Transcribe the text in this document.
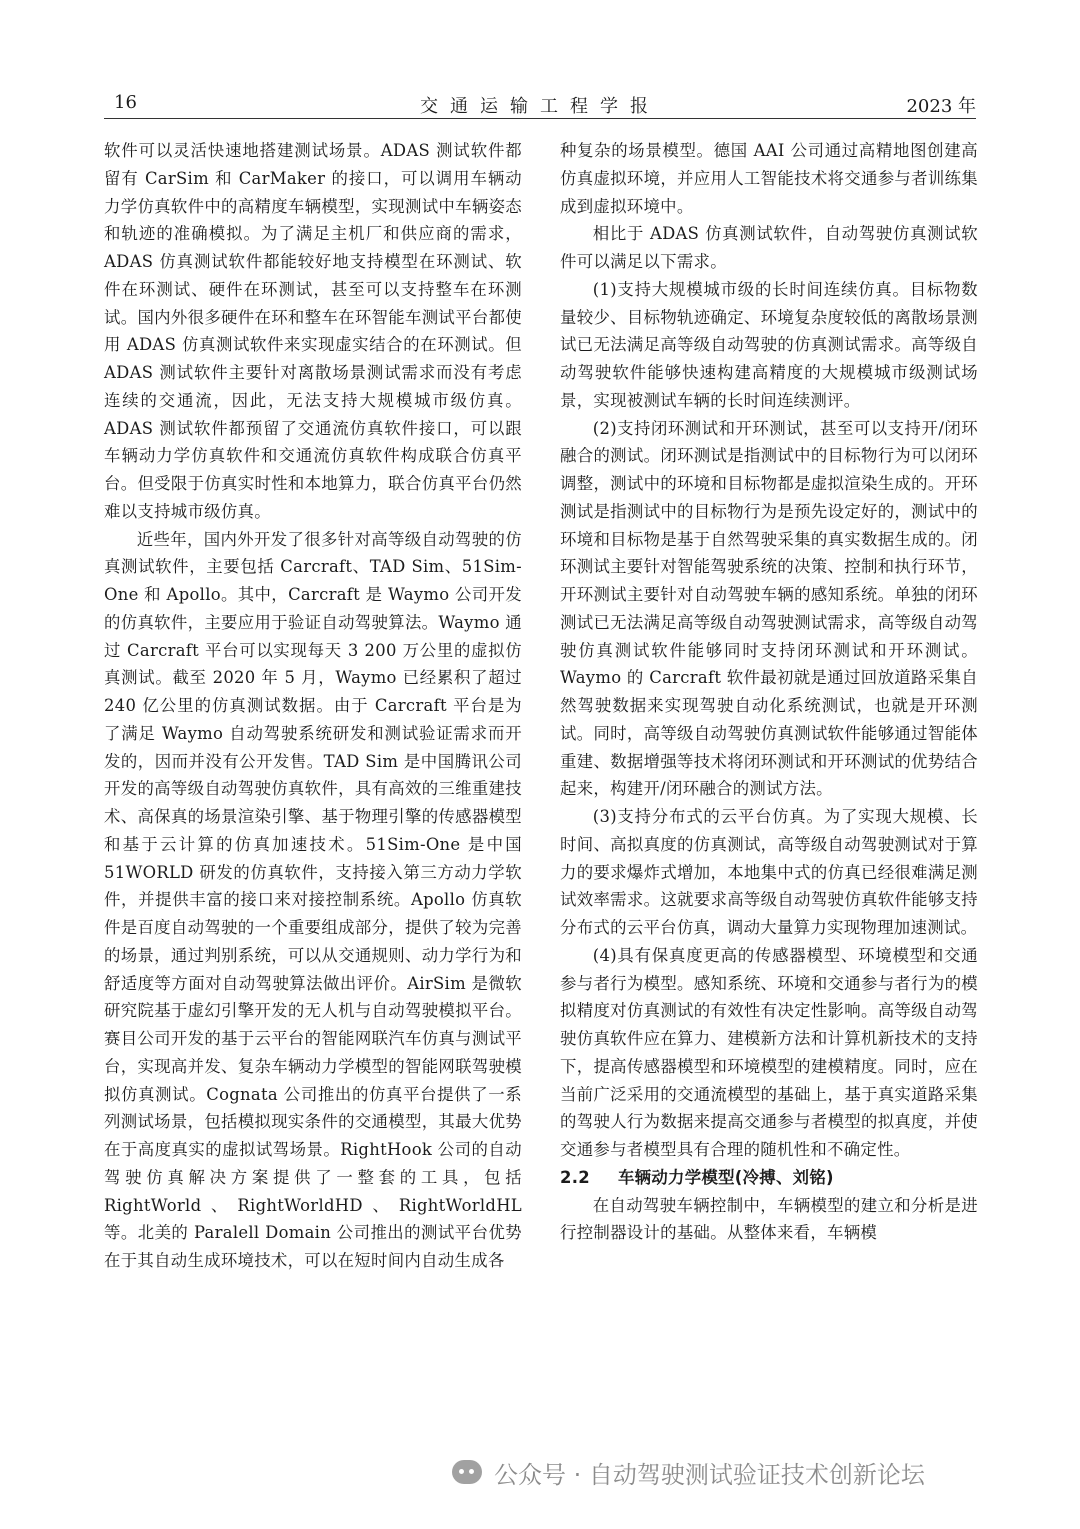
16	交通运输工程学报	2023 年

软件可以灵活快速地搭建测试场景。ADAS 测试软件都留有 CarSim 和 CarMaker 的接口，可以调用车辆动力学仿真软件中的高精度车辆模型，实现测试中车辆姿态和轨迹的准确模拟。为了满足主机厂和供应商的需求，ADAS 仿真测试软件都能较好地支持模型在环测试、软件在环测试、硬件在环测试，甚至可以支持整车在环测试。国内外很多硬件在环和整车在环智能车测试平台都使用 ADAS 仿真测试软件来实现虚实结合的在环测试。但 ADAS 测试软件主要针对离散场景测试需求而没有考虑连续的交通流，因此，无法支持大规模城市级仿真。ADAS 测试软件都预留了交通流仿真软件接口，可以跟车辆动力学仿真软件和交通流仿真软件构成联合仿真平台。但受限于仿真实时性和本地算力，联合仿真平台仍然难以支持城市级仿真。

近些年，国内外开发了很多针对高等级自动驾驶的仿真测试软件，主要包括 Carcraft、TAD Sim、51Sim-One 和 Apollo。其中，Carcraft 是 Waymo 公司开发的仿真软件，主要应用于验证自动驾驶算法。Waymo 通过 Carcraft 平台可以实现每天 3 200 万公里的虚拟仿真测试。截至 2020 年 5 月，Waymo 已经累积了超过 240 亿公里的仿真测试数据。由于 Carcraft 平台是为了满足 Waymo 自动驾驶系统研发和测试验证需求而开发的，因而并没有公开发售。TAD Sim 是中国腾讯公司开发的高等级自动驾驶仿真软件，具有高效的三维重建技术、高保真的场景渲染引擎、基于物理引擎的传感器模型和基于云计算的仿真加速技术。51Sim-One 是中国 51WORLD 研发的仿真软件，支持接入第三方动力学软件，并提供丰富的接口来对接控制系统。Apollo 仿真软件是百度自动驾驶的一个重要组成部分，提供了较为完善的场景，通过判别系统，可以从交通规则、动力学行为和舒适度等方面对自动驾驶算法做出评价。AirSim 是微软研究院基于虚幻引擎开发的无人机与自动驾驶模拟平台。赛目公司开发的基于云平台的智能网联汽车仿真与测试平台，实现高并发、复杂车辆动力学模型的智能网联驾驶模拟仿真测试。Cognata 公司推出的仿真平台提供了一系列测试场景，包括模拟现实条件的交通模型，其最大优势在于高度真实的虚拟试驾场景。RightHook 公司的自动驾驶仿真解决方案提供了一整套的工具，包括 RightWorld、RightWorldHD、RightWorldHL 等。北美的 Paralell Domain 公司推出的测试平台优势在于其自动生成环境技术，可以在短时间内自动生成各

种复杂的场景模型。德国 AAI 公司通过高精地图创建高仿真虚拟环境，并应用人工智能技术将交通参与者训练集成到虚拟环境中。

相比于 ADAS 仿真测试软件，自动驾驶仿真测试软件可以满足以下需求。

(1)支持大规模城市级的长时间连续仿真。目标物数量较少、目标物轨迹确定、环境复杂度较低的离散场景测试已无法满足高等级自动驾驶的仿真测试需求。高等级自动驾驶软件能够快速构建高精度的大规模城市级测试场景，实现被测试车辆的长时间连续测评。

(2)支持闭环测试和开环测试，甚至可以支持开/闭环融合的测试。闭环测试是指测试中的目标物行为可以闭环调整，测试中的环境和目标物都是虚拟渲染生成的。开环测试是指测试中的目标物行为是预先设定好的，测试中的环境和目标物是基于自然驾驶采集的真实数据生成的。闭环测试主要针对智能驾驶系统的决策、控制和执行环节，开环测试主要针对自动驾驶车辆的感知系统。单独的闭环测试已无法满足高等级自动驾驶测试需求，高等级自动驾驶仿真测试软件能够同时支持闭环测试和开环测试。Waymo 的 Carcraft 软件最初就是通过回放道路采集自然驾驶数据来实现驾驶自动化系统测试，也就是开环测试。同时，高等级自动驾驶仿真测试软件能够通过智能体重建、数据增强等技术将闭环测试和开环测试的优势结合起来，构建开/闭环融合的测试方法。

(3)支持分布式的云平台仿真。为了实现大规模、长时间、高拟真度的仿真测试，高等级自动驾驶测试对于算力的要求爆炸式增加，本地集中式的仿真已经很难满足测试效率需求。这就要求高等级自动驾驶仿真软件能够支持分布式的云平台仿真，调动大量算力实现物理加速测试。

(4)具有保真度更高的传感器模型、环境模型和交通参与者行为模型。感知系统、环境和交通参与者行为的模拟精度对仿真测试的有效性有决定性影响。高等级自动驾驶仿真软件应在算力、建模新方法和计算机新技术的支持下，提高传感器模型和环境模型的建模精度。同时，应在当前广泛采用的交通流模型的基础上，基于真实道路采集的驾驶人行为数据来提高交通参与者模型的拟真度，并使交通参与者模型具有合理的随机性和不确定性。

2.2 车辆动力学模型(冷搏、刘铭)

在自动驾驶车辆控制中，车辆模型的建立和分析是进行控制器设计的基础。从整体来看，车辆模

公众号 · 自动驾驶测试验证技术创新论坛
